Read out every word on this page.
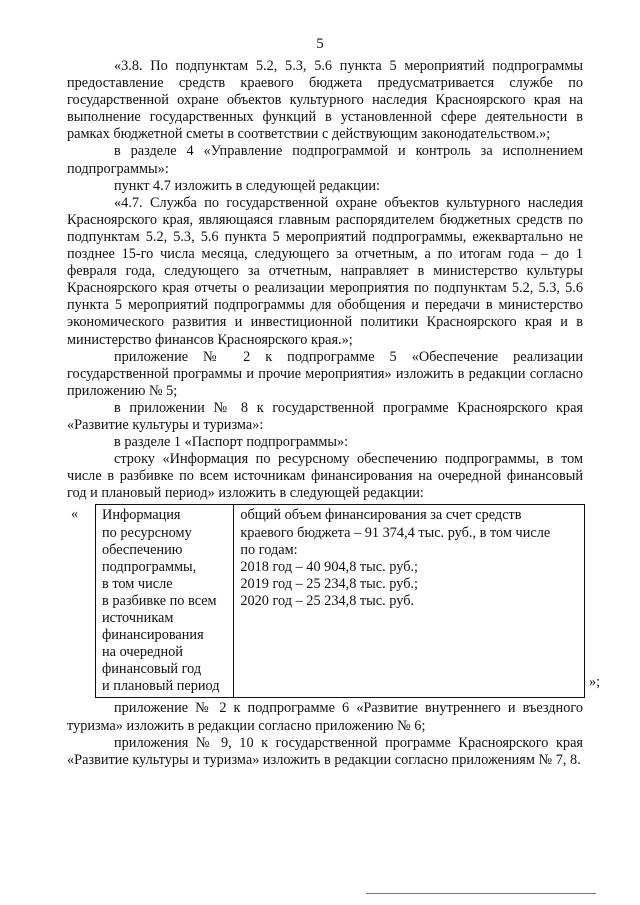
5

«3.8. По подпунктам 5.2, 5.3, 5.6 пункта 5 мероприятий подпрограммы предоставление средств краевого бюджета предусматривается службе по государственной охране объектов культурного наследия Красноярского края на выполнение государственных функций в установленной сфере деятельности в рамках бюджетной сметы в соответствии с действующим законодательством.»;

в разделе 4 «Управление подпрограммой и контроль за исполнением подпрограммы»:

пункт 4.7 изложить в следующей редакции:

«4.7. Служба по государственной охране объектов культурного наследия Красноярского края, являющаяся главным распорядителем бюджетных средств по подпунктам 5.2, 5.3, 5.6 пункта 5 мероприятий подпрограммы, ежеквартально не позднее 15-го числа месяца, следующего за отчетным, а по итогам года – до 1 февраля года, следующего за отчетным, направляет в министерство культуры Красноярского края отчеты о реализации мероприятия по подпунктам 5.2, 5.3, 5.6 пункта 5 мероприятий подпрограммы для обобщения и передачи в министерство экономического развития и инвестиционной политики Красноярского края и в министерство финансов Красноярского края.»;

приложение № 2 к подпрограмме 5 «Обеспечение реализации государственной программы и прочие мероприятия» изложить в редакции согласно приложению № 5;

в приложении № 8 к государственной программе Красноярского края «Развитие культуры и туризма»:

в разделе 1 «Паспорт подпрограммы»:

строку «Информация по ресурсному обеспечению подпрограммы, в том числе в разбивке по всем источникам финансирования на очередной финансовый год и плановый период» изложить в следующей редакции:

« Информация
по ресурсному
обеспечению
подпрограммы,
в том числе
в разбивке по всем
источникам
финансирования
на очередной
финансовый год
и плановый период

общий объем финансирования за счет средств
краевого бюджета – 91 374,4 тыс. руб., в том числе
по годам:
2018 год – 40 904,8 тыс. руб.;
2019 год – 25 234,8 тыс. руб.;
2020 год – 25 234,8 тыс. руб.
»;

приложение № 2 к подпрограмме 6 «Развитие внутреннего и въездного туризма» изложить в редакции согласно приложению № 6;

приложения № 9, 10 к государственной программе Красноярского края «Развитие культуры и туризма» изложить в редакции согласно приложениям № 7, 8.
